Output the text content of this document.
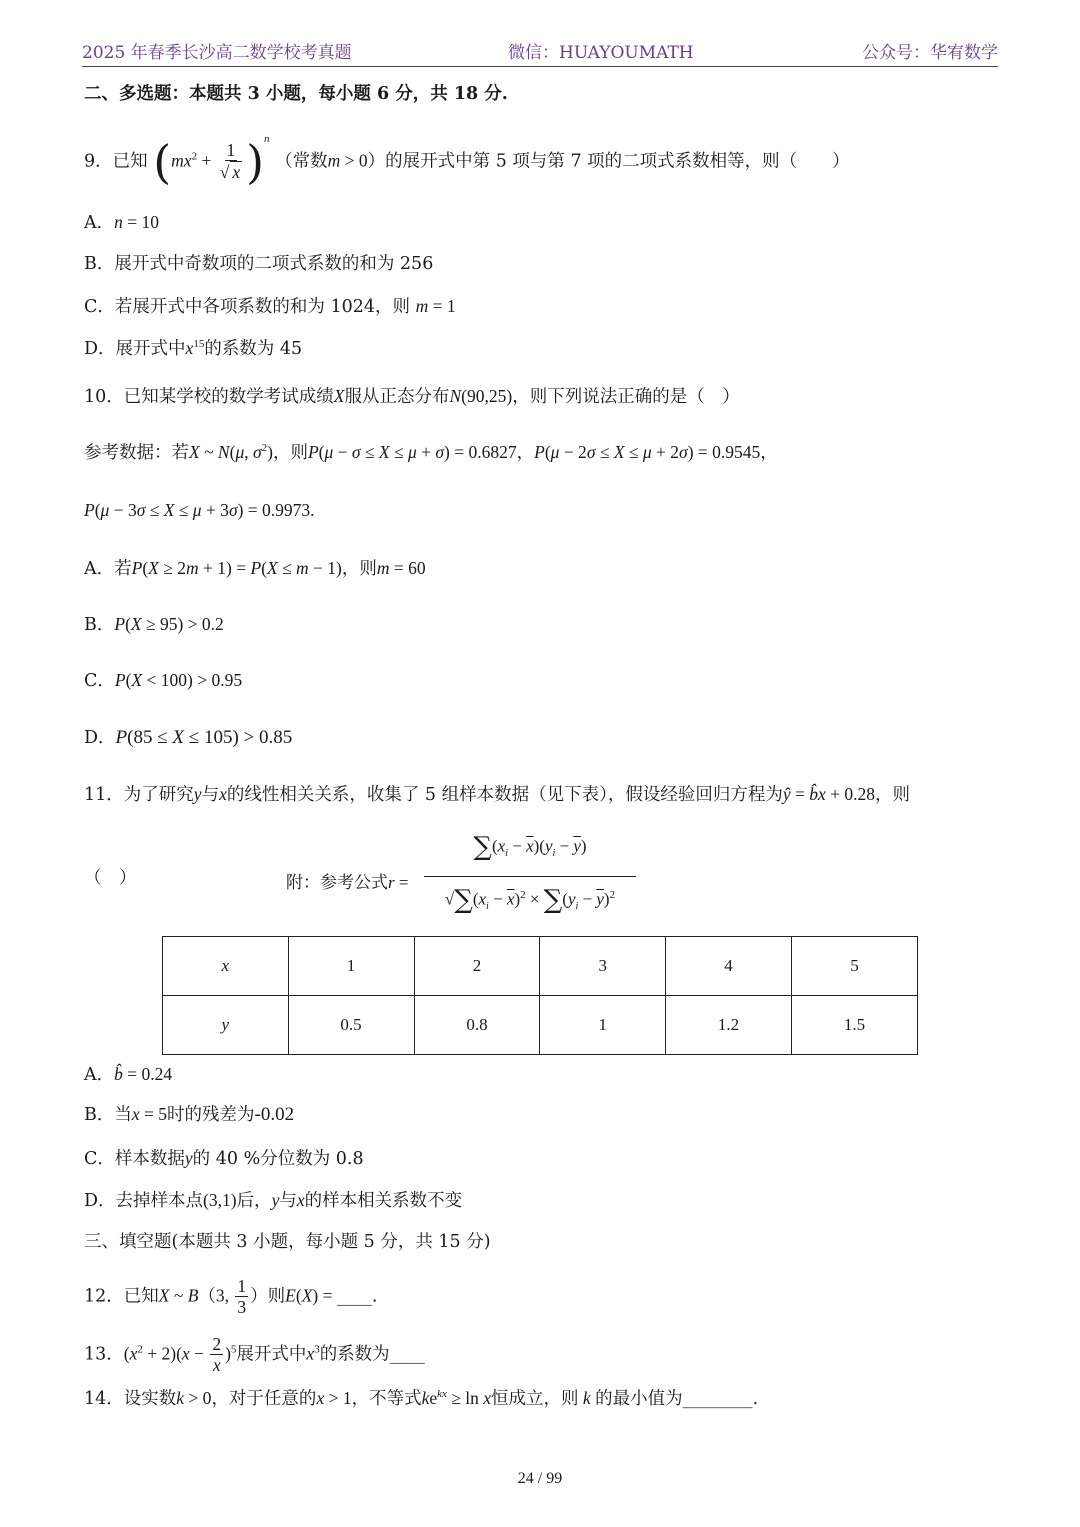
2025 年春季长沙高二数学校考真题	微信：HUAYOUMATH	公众号：华宥数学
二、多选题：本题共 3 小题，每小题 6 分，共 18 分.
9．已知 $(mx^2 + \frac{1}{√ x} )^n$ （常数m > 0）的展开式中第 5 项与第 7 项的二项式系数相等，则（　　）
A．n = 10
B．展开式中奇数项的二项式系数的和为 256
C．若展开式中各项系数的和为 1024，则 m = 1
D．展开式中$x^{15}$的系数为 45
10．已知某学校的数学考试成绩X服从正态分布N(90,25)，则下列说法正确的是（　）
参考数据：若X ~ N(μ, $\sigma^2$)，则P(μ − σ ≤ X ≤ μ + σ) = 0.6827，P(μ − 2σ ≤ X ≤ μ + 2σ) = 0.9545，
P(μ − 3σ ≤ X ≤ μ + 3σ) = 0.9973.
A．若P(X ≥ 2m + 1) = P(X ≤ m − 1)，则m = 60
B．P(X ≥ 95) > 0.2
C．P(X < 100) > 0.95
D．P(85 ≤ X ≤ 105) > 0.85
11．为了研究y与x的线性相关关系，收集了 5 组样本数据（见下表），假设经验回归方程为ŷ = b̂x + 0.28，则
（　）	附：参考公式r =
$\sum(x_i - \overline{x})(y_i - \overline{y})$
$√\sum(x_i - \overline{x})^2 \times \sum(y_i - \overline{y})^2$
x	1	2	3	4	5
y	0.5	0.8	1	1.2	1.5
A．b̂ = 0.24
B．当x = 5时的残差为-0.02
C．样本数据y的 40 %分位数为 0.8
D．去掉样本点(3,1)后，y与x的样本相关系数不变
三、填空题(本题共 3 小题，每小题 5 分，共 15 分)
12．已知X ~ B（3, $\frac{1}{3}$ ）则E(X) = ____.
13．$(x^2 + 2)(x - \frac{2}{x} )^5$展开式中$x^3$的系数为____
14．设实数k > 0，对于任意的x > 1，不等式$ke^{kx} \ge \ln x$恒成立，则 k 的最小值为________.
24 / 99
